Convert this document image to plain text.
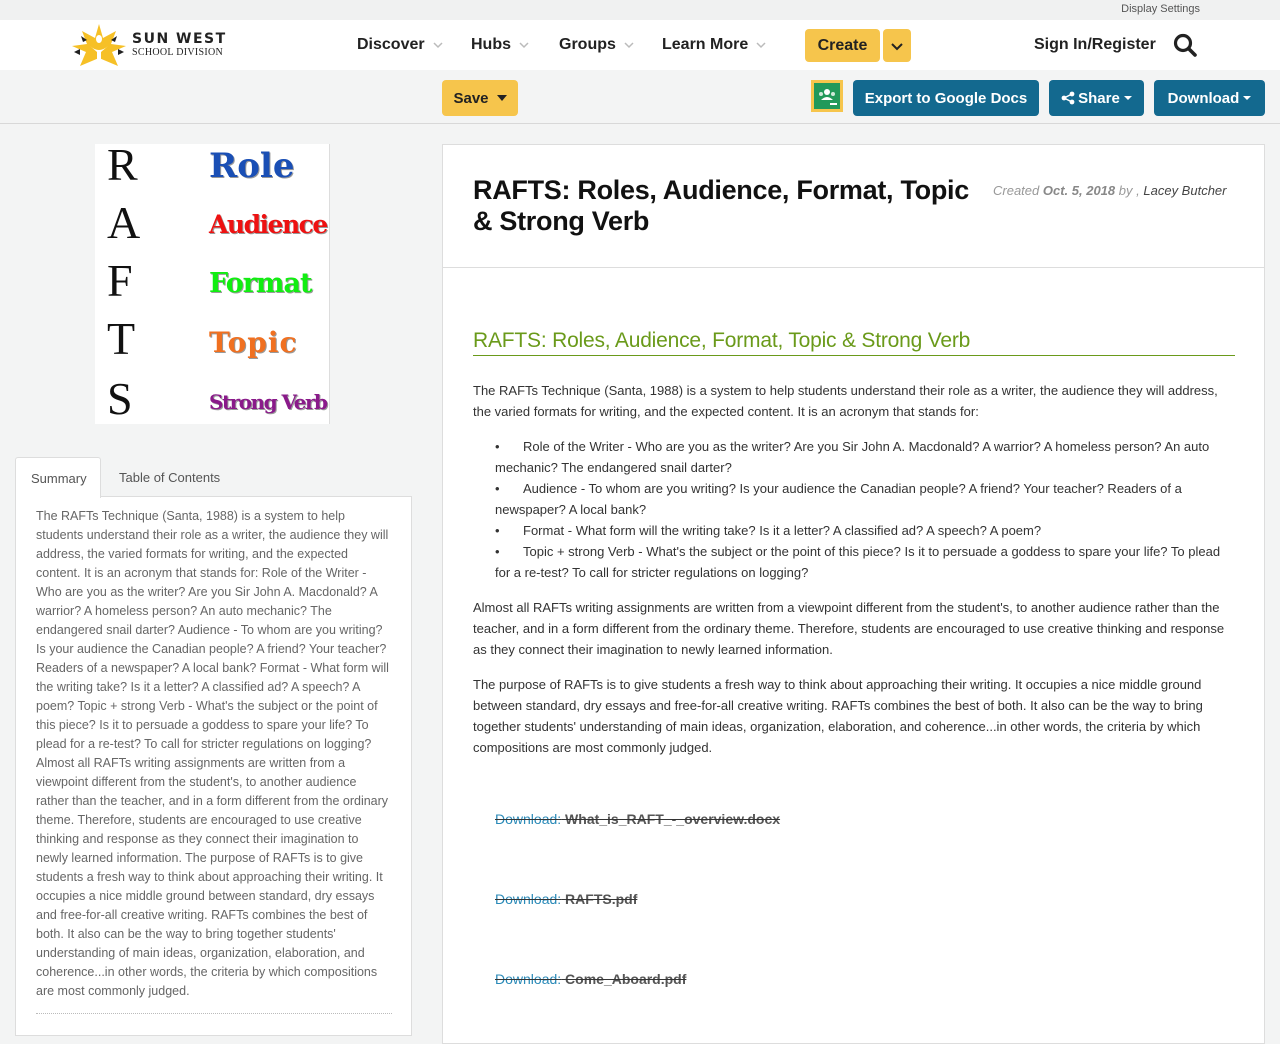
Display Settings
SUN WEST
SCHOOL DIVISION	Discover	Hubs	Groups	Learn More	Create	Sign In/Register
Save	Export to Google Docs	Share	Download
R Role
A	Audience
F	Format
T	Topic
S	Strong Verb
Summary	Table of Contents
The RAFTs Technique (Santa, 1988) is a system to help students understand their role as a writer, the audience they will address, the varied formats for writing, and the expected content. It is an acronym that stands for: Role of the Writer - Who are you as the writer? Are you Sir John A. Macdonald? A warrior? A homeless person? An auto mechanic? The endangered snail darter? Audience - To whom are you writing? Is your audience the Canadian people? A friend? Your teacher? Readers of a newspaper? A local bank? Format - What form will the writing take? Is it a letter? A classified ad? A speech? A poem? Topic + strong Verb - What's the subject or the point of this piece? Is it to persuade a goddess to spare your life? To plead for a re-test? To call for stricter regulations on logging? Almost all RAFTs writing assignments are written from a viewpoint different from the student's, to another audience rather than the teacher, and in a form different from the ordinary theme. Therefore, students are encouraged to use creative thinking and response as they connect their imagination to newly learned information. The purpose of RAFTs is to give students a fresh way to think about approaching their writing. It occupies a nice middle ground between standard, dry essays and free-for-all creative writing. RAFTs combines the best of both. It also can be the way to bring together students' understanding of main ideas, organization, elaboration, and coherence...in other words, the criteria by which compositions are most commonly judged.
RAFTS: Roles, Audience, Format, Topic & Strong Verb
Created Oct. 5, 2018 by , Lacey Butcher
RAFTS: Roles, Audience, Format, Topic & Strong Verb
The RAFTs Technique (Santa, 1988) is a system to help students understand their role as a writer, the audience they will address, the varied formats for writing, and the expected content. It is an acronym that stands for:
• Role of the Writer - Who are you as the writer? Are you Sir John A. Macdonald? A warrior? A homeless person? An auto mechanic? The endangered snail darter?
• Audience - To whom are you writing? Is your audience the Canadian people? A friend? Your teacher? Readers of a newspaper? A local bank?
• Format - What form will the writing take? Is it a letter? A classified ad? A speech? A poem?
• Topic + strong Verb - What's the subject or the point of this piece? Is it to persuade a goddess to spare your life? To plead for a re-test? To call for stricter regulations on logging?
Almost all RAFTs writing assignments are written from a viewpoint different from the student's, to another audience rather than the teacher, and in a form different from the ordinary theme. Therefore, students are encouraged to use creative thinking and response as they connect their imagination to newly learned information.
The purpose of RAFTs is to give students a fresh way to think about approaching their writing. It occupies a nice middle ground between standard, dry essays and free-for-all creative writing. RAFTs combines the best of both. It also can be the way to bring together students' understanding of main ideas, organization, elaboration, and coherence...in other words, the criteria by which compositions are most commonly judged.
Download: What_is_RAFT_-_overview.docx
Download: RAFTS.pdf
Download: Come_Aboard.pdf
